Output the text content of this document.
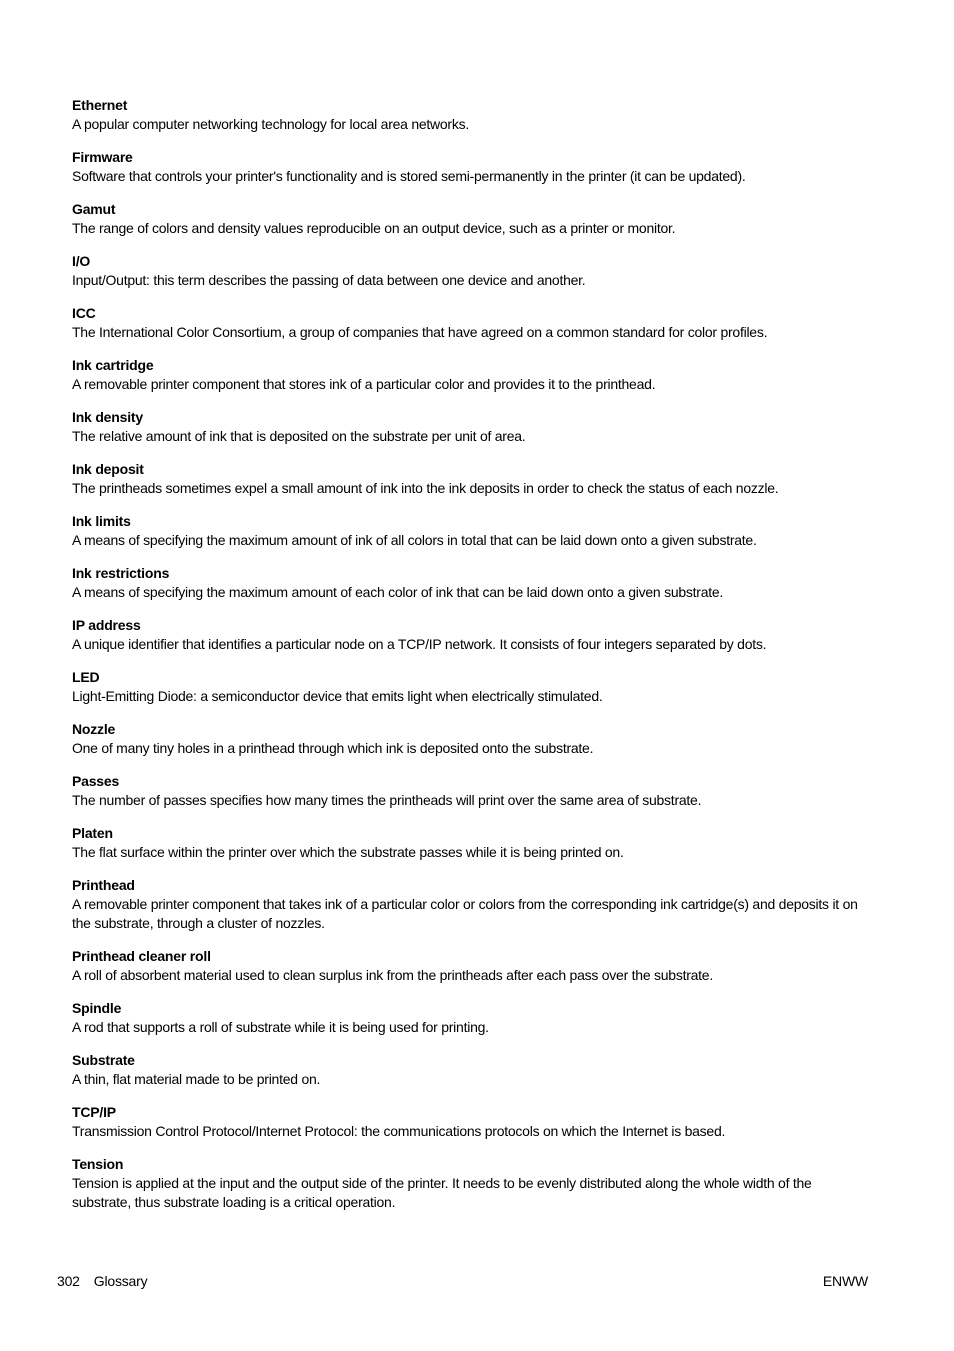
Ethernet
A popular computer networking technology for local area networks.
Firmware
Software that controls your printer's functionality and is stored semi-permanently in the printer (it can be updated).
Gamut
The range of colors and density values reproducible on an output device, such as a printer or monitor.
I/O
Input/Output: this term describes the passing of data between one device and another.
ICC
The International Color Consortium, a group of companies that have agreed on a common standard for color profiles.
Ink cartridge
A removable printer component that stores ink of a particular color and provides it to the printhead.
Ink density
The relative amount of ink that is deposited on the substrate per unit of area.
Ink deposit
The printheads sometimes expel a small amount of ink into the ink deposits in order to check the status of each nozzle.
Ink limits
A means of specifying the maximum amount of ink of all colors in total that can be laid down onto a given substrate.
Ink restrictions
A means of specifying the maximum amount of each color of ink that can be laid down onto a given substrate.
IP address
A unique identifier that identifies a particular node on a TCP/IP network. It consists of four integers separated by dots.
LED
Light-Emitting Diode: a semiconductor device that emits light when electrically stimulated.
Nozzle
One of many tiny holes in a printhead through which ink is deposited onto the substrate.
Passes
The number of passes specifies how many times the printheads will print over the same area of substrate.
Platen
The flat surface within the printer over which the substrate passes while it is being printed on.
Printhead
A removable printer component that takes ink of a particular color or colors from the corresponding ink cartridge(s) and deposits it on the substrate, through a cluster of nozzles.
Printhead cleaner roll
A roll of absorbent material used to clean surplus ink from the printheads after each pass over the substrate.
Spindle
A rod that supports a roll of substrate while it is being used for printing.
Substrate
A thin, flat material made to be printed on.
TCP/IP
Transmission Control Protocol/Internet Protocol: the communications protocols on which the Internet is based.
Tension
Tension is applied at the input and the output side of the printer. It needs to be evenly distributed along the whole width of the substrate, thus substrate loading is a critical operation.
302 Glossary	ENWW
